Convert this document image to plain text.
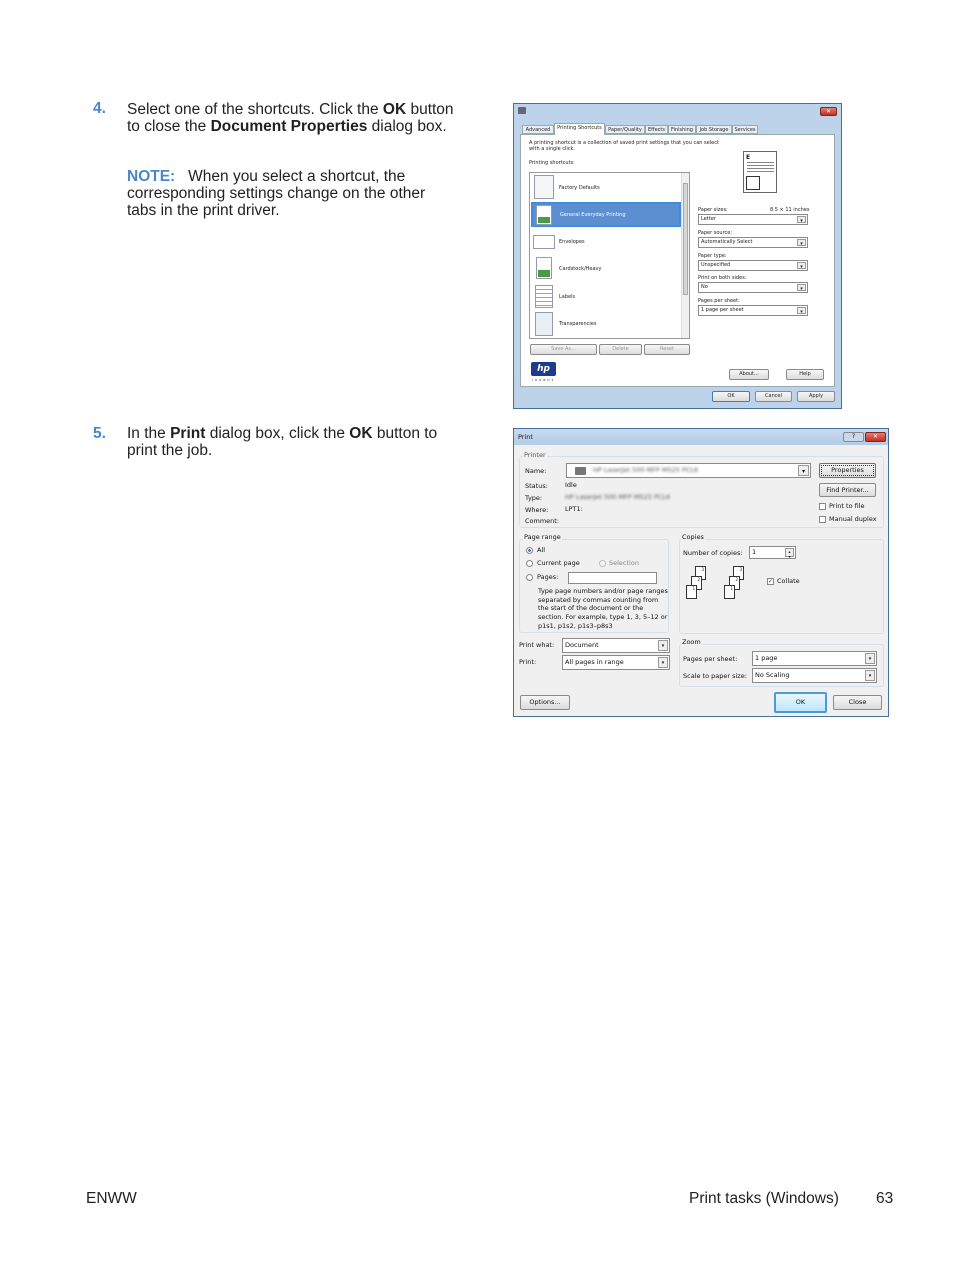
4. Select one of the shortcuts. Click the OK button to close the Document Properties dialog box.
NOTE: When you select a shortcut, the corresponding settings change on the other tabs in the print driver.
5. In the Print dialog box, click the OK button to print the job.
✕
Advanced	Printing Shortcuts	Paper/Quality	Effects	Finishing	Job Storage	Services
A printing shortcut is a collection of saved print settings that you can select with a single click.
Printing shortcuts:
E
Factory Defaults
General Everyday Printing
Envelopes
Cardstock/Heavy
Labels
Transparencies
Paper sizes:	8.5 × 11 inches
Letter	▾
Paper source:
Automatically Select	▾
Paper type:
Unspecified	▾
Print on both sides:
No	▾
Pages per sheet:
1 page per sheet	▾
Save As...	Delete	Reset
hp
invent
About...	Help
OK	Cancel	Apply
Print	?	✕
Printer
Name:	HP LaserJet 500 MFP M525 PCL6	▾	Properties
Status:	Idle
Type:	HP LaserJet 500 MFP M525 PCL6
Where:	LPT1:
Comment:
Find Printer...
Print to file
Manual duplex
Page range
All
Current page	Selection
Pages:
Type page numbers and/or page ranges separated by commas counting from the start of the document or the section. For example, type 1, 3, 5–12 or p1s1, p1s2, p1s3–p8s3
Copies
Number of copies:	1	▴
▾
3
2
1
3
2
1
✓ Collate
Print what:	Document	▾
Print:	All pages in range	▾
Zoom
Pages per sheet:	1 page	▾
Scale to paper size:	No Scaling	▾
Options...	OK	Close
ENWW	Print tasks (Windows) 63
